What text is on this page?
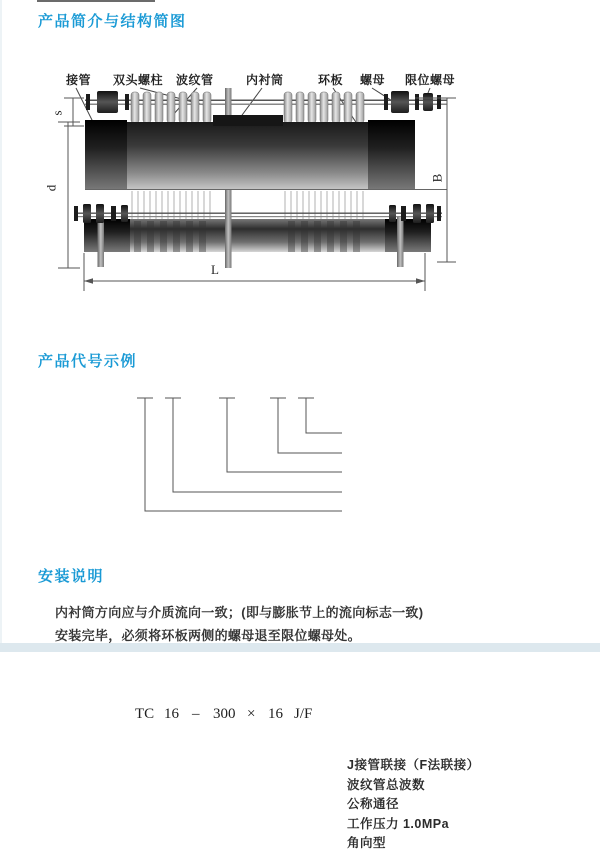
产品简介与结构简图
接管 双头螺柱 波纹管	内衬筒	环板 螺母 限位螺母
s
d
B
L
产品代号示例
TC 16 – 300 × 16 J/F
J接管联接（F法联接）
波纹管总波数
公称通径
工作压力 1.0MPa
角向型
安装说明

内衬筒方向应与介质流向一致；(即与膨胀节上的流向标志一致)

安装完毕，必须将环板两侧的螺母退至限位螺母处。
